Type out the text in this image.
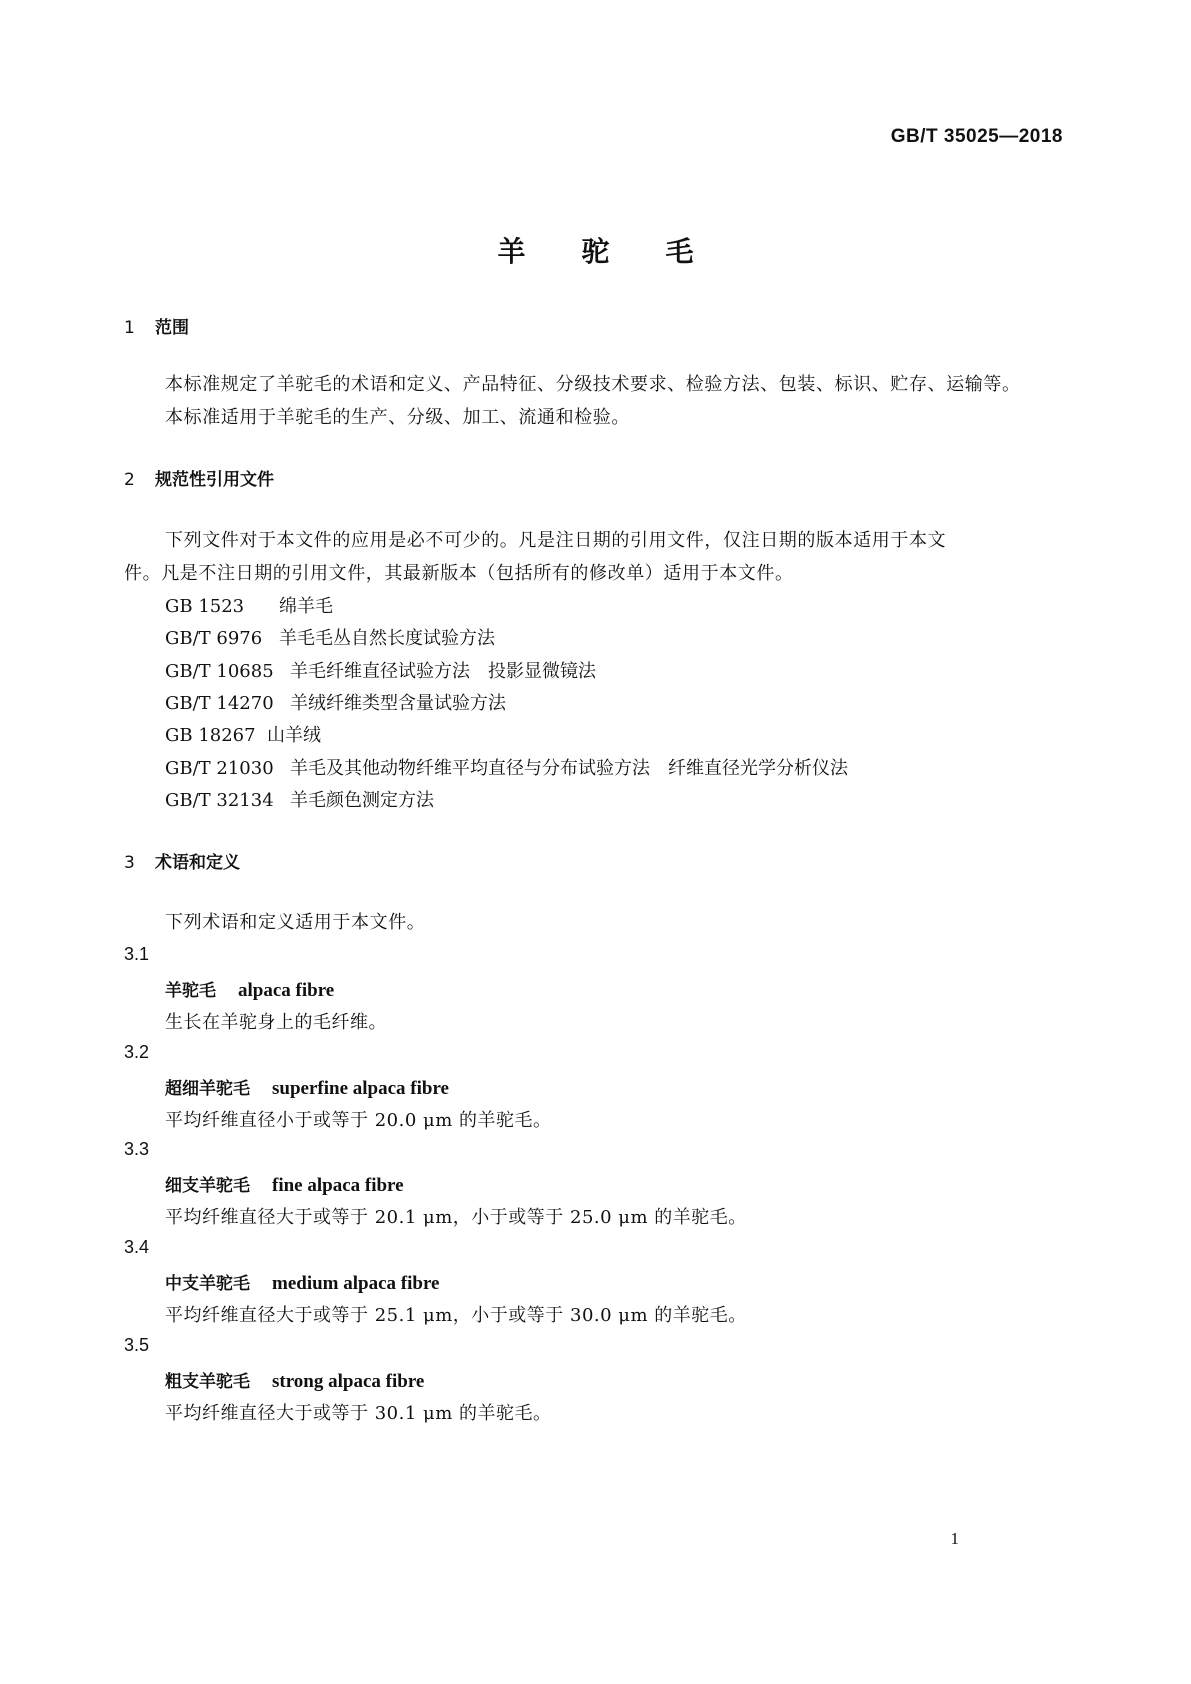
GB/T 35025—2018
羊驼毛
1 范围
本标准规定了羊驼毛的术语和定义、产品特征、分级技术要求、检验方法、包装、标识、贮存、运输等。
本标准适用于羊驼毛的生产、分级、加工、流通和检验。
2 规范性引用文件
下列文件对于本文件的应用是必不可少的。凡是注日期的引用文件，仅注日期的版本适用于本文
件。凡是不注日期的引用文件，其最新版本（包括所有的修改单）适用于本文件。
GB 1523 绵羊毛
GB/T 6976 羊毛毛丛自然长度试验方法
GB/T 10685 羊毛纤维直径试验方法　投影显微镜法
GB/T 14270 羊绒纤维类型含量试验方法
GB 18267 山羊绒
GB/T 21030 羊毛及其他动物纤维平均直径与分布试验方法　纤维直径光学分析仪法
GB/T 32134 羊毛颜色测定方法
3 术语和定义
下列术语和定义适用于本文件。
3.1
羊驼毛 alpaca fibre
生长在羊驼身上的毛纤维。
3.2
超细羊驼毛 superfine alpaca fibre
平均纤维直径小于或等于 20.0 μm 的羊驼毛。
3.3
细支羊驼毛 fine alpaca fibre
平均纤维直径大于或等于 20.1 μm，小于或等于 25.0 μm 的羊驼毛。
3.4
中支羊驼毛 medium alpaca fibre
平均纤维直径大于或等于 25.1 μm，小于或等于 30.0 μm 的羊驼毛。
3.5
粗支羊驼毛 strong alpaca fibre
平均纤维直径大于或等于 30.1 μm 的羊驼毛。
1
